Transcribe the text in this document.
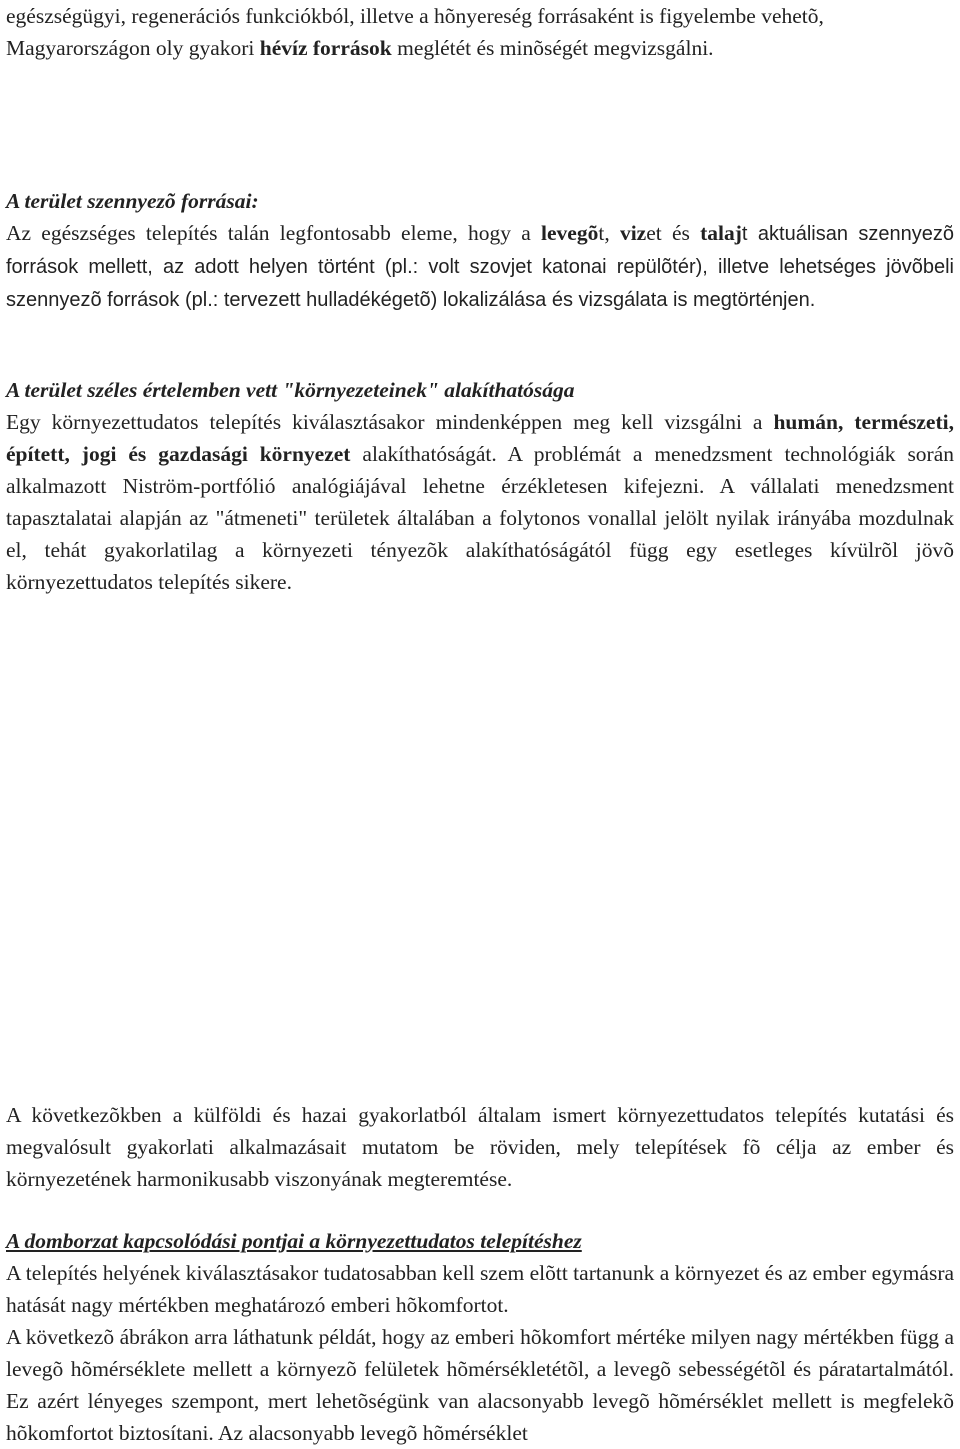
egészségügyi, regenerációs funkciókból, illetve a hõnyereség forrásaként is figyelembe vehetõ,
Magyarországon oly gyakori hévíz források meglétét és minõségét megvizsgálni.
A terület szennyezõ forrásai:

Az egészséges telepítés talán legfontosabb eleme, hogy a levegõt, vizet és talajt aktuálisan szennyezõ források mellett, az adott helyen történt (pl.: volt szovjet katonai repülõtér), illetve lehetséges jövõbeli szennyezõ források (pl.: tervezett hulladékégetõ) lokalizálása és vizsgálata is megtörténjen.

A terület széles értelemben vett "környezeteinek" alakíthatósága

Egy környezettudatos telepítés kiválasztásakor mindenképpen meg kell vizsgálni a humán, természeti, épített, jogi és gazdasági környezet alakíthatóságát. A problémát a menedzsment technológiák során alkalmazott Niström-portfólió analógiájával lehetne érzékletesen kifejezni. A vállalati menedzsment tapasztalatai alapján az "átmeneti" területek általában a folytonos vonallal jelölt nyilak irányába mozdulnak el, tehát gyakorlatilag a környezeti tényezõk alakíthatóságától függ egy esetleges kívülrõl jövõ környezettudatos telepítés sikere.

A következõkben a külföldi és hazai gyakorlatból általam ismert környezettudatos telepítés kutatási és megvalósult gyakorlati alkalmazásait mutatom be röviden, mely telepítések fõ célja az ember és környezetének harmonikusabb viszonyának megteremtése.

A domborzat kapcsolódási pontjai a környezettudatos telepítéshez

A telepítés helyének kiválasztásakor tudatosabban kell szem elõtt tartanunk a környezet és az ember egymásra hatását nagy mértékben meghatározó emberi hõkomfortot.

A következõ ábrákon arra láthatunk példát, hogy az emberi hõkomfort mértéke milyen nagy mértékben függ a levegõ hõmérséklete mellett a környezõ felületek hõmérsékletétõl, a levegõ sebességétõl és páratartalmától. Ez azért lényeges szempont, mert lehetõségünk van alacsonyabb levegõ hõmérséklet mellett is megfelekõ hõkomfortot biztosítani. Az alacsonyabb levegõ hõmérséklet
